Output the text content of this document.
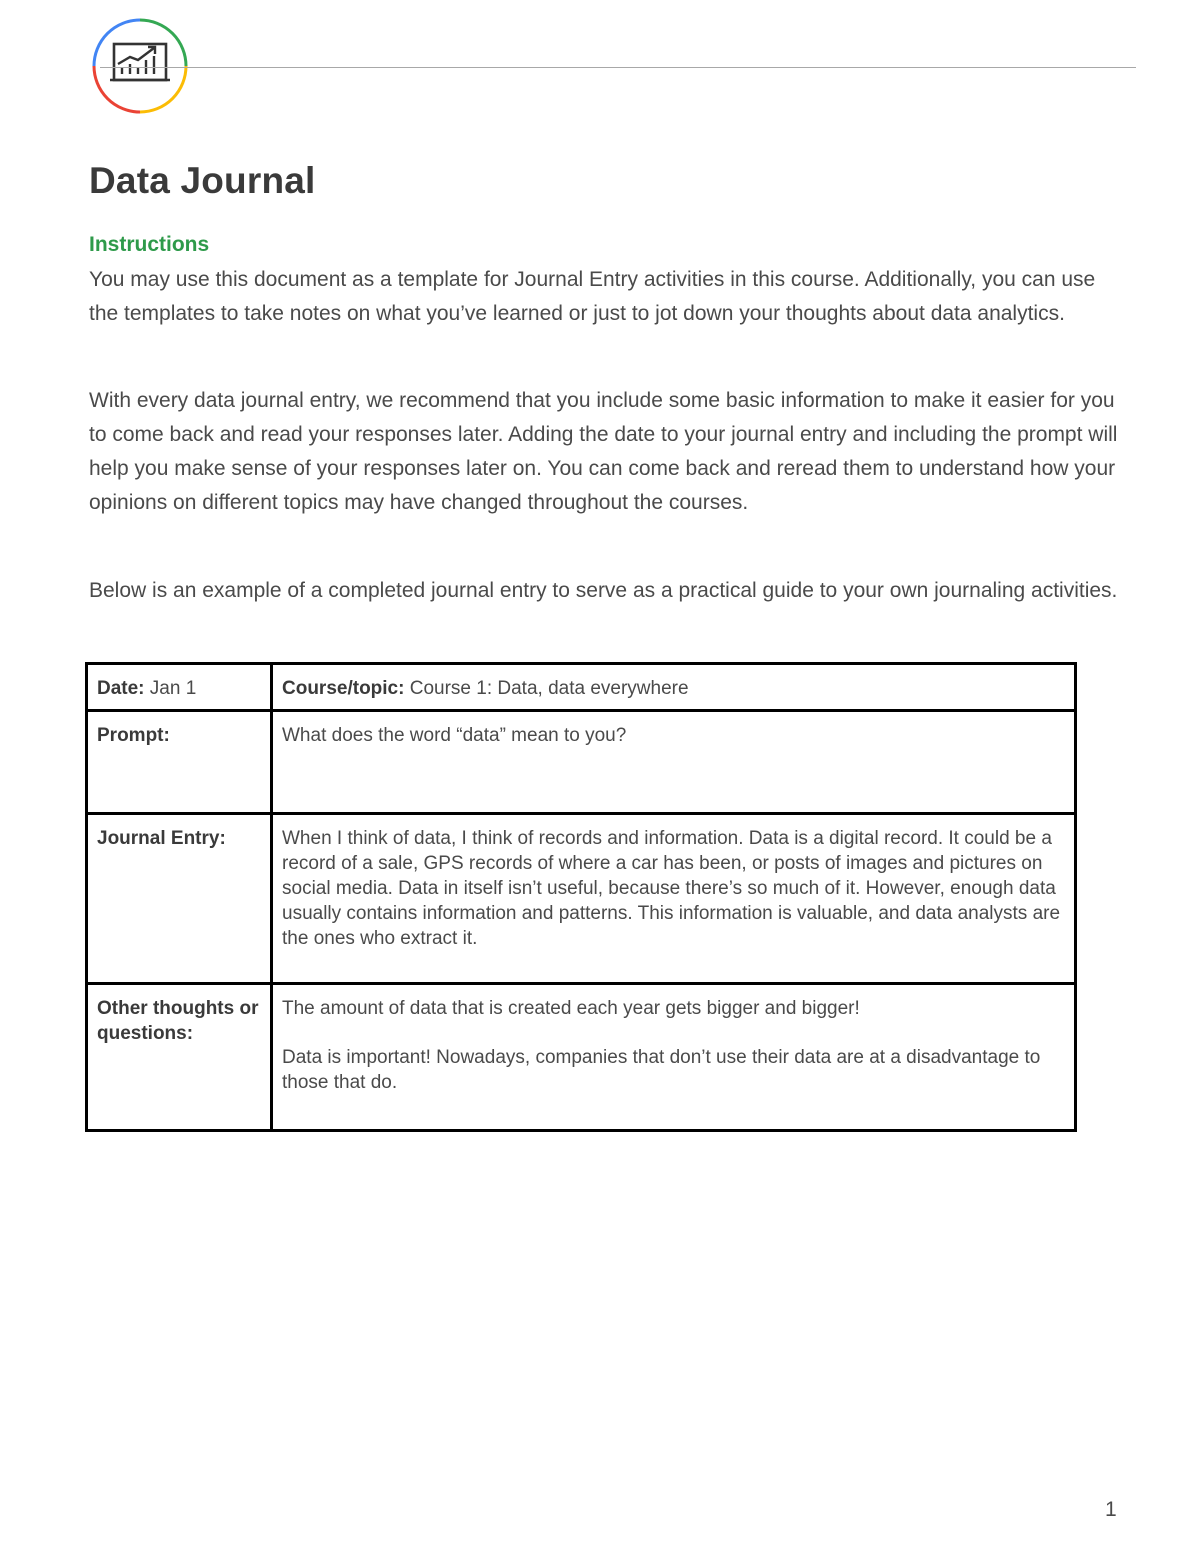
Data Journal
Instructions

You may use this document as a template for Journal Entry activities in this course. Additionally, you can use the templates to take notes on what you’ve learned or just to jot down your thoughts about data analytics.

With every data journal entry, we recommend that you include some basic information to make it easier for you to come back and read your responses later. Adding the date to your journal entry and including the prompt will help you make sense of your responses later on. You can come back and reread them to understand how your opinions on different topics may have changed throughout the courses.

Below is an example of a completed journal entry to serve as a practical guide to your own journaling activities.

Date: Jan 1	Course/topic: Course 1: Data, data everywhere
Prompt:	What does the word “data” mean to you?
Journal Entry:	When I think of data, I think of records and information. Data is a digital record. It could be a record of a sale, GPS records of where a car has been, or posts of images and pictures on social media. Data in itself isn’t useful, because there’s so much of it. However, enough data usually contains information and patterns. This information is valuable, and data analysts are the ones who extract it.
Other thoughts or questions:	The amount of data that is created each year gets bigger and bigger!

Data is important! Nowadays, companies that don’t use their data are at a disadvantage to those that do.

1
